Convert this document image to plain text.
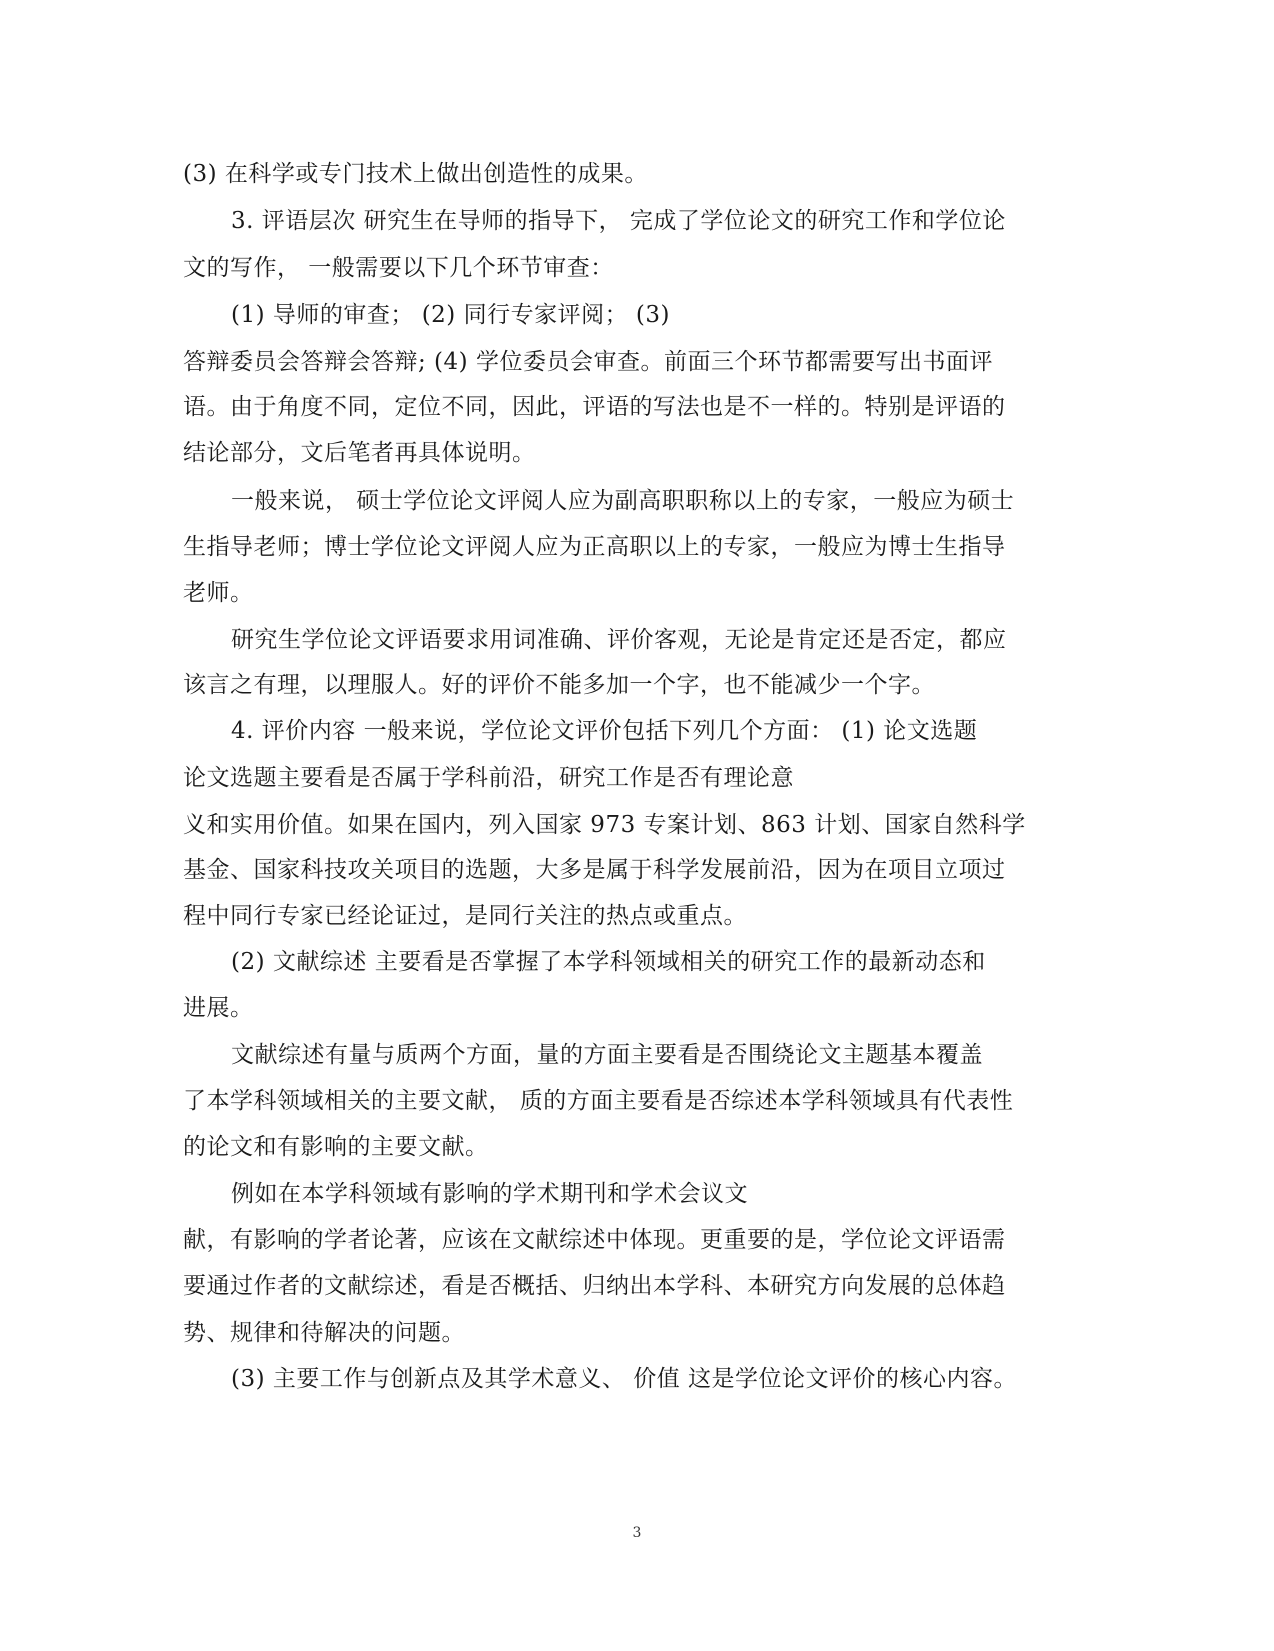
(3) 在科学或专门技术上做出创造性的成果。
3. 评语层次 研究生在导师的指导下， 完成了学位论文的研究工作和学位论
文的写作， 一般需要以下几个环节审查：
(1) 导师的审查； (2) 同行专家评阅； (3)
答辩委员会答辩会答辩; (4) 学位委员会审查。前面三个环节都需要写出书面评
语。由于角度不同，定位不同，因此，评语的写法也是不一样的。特别是评语的
结论部分，文后笔者再具体说明。
一般来说， 硕士学位论文评阅人应为副高职职称以上的专家，一般应为硕士
生指导老师；博士学位论文评阅人应为正高职以上的专家，一般应为博士生指导
老师。
研究生学位论文评语要求用词准确、评价客观，无论是肯定还是否定，都应
该言之有理，以理服人。好的评价不能多加一个字，也不能减少一个字。
4. 评价内容 一般来说，学位论文评价包括下列几个方面： (1) 论文选题
论文选题主要看是否属于学科前沿，研究工作是否有理论意
义和实用价值。如果在国内，列入国家 973 专案计划、863 计划、国家自然科学
基金、国家科技攻关项目的选题，大多是属于科学发展前沿，因为在项目立项过
程中同行专家已经论证过，是同行关注的热点或重点。
(2) 文献综述 主要看是否掌握了本学科领域相关的研究工作的最新动态和
进展。
文献综述有量与质两个方面，量的方面主要看是否围绕论文主题基本覆盖
了本学科领域相关的主要文献， 质的方面主要看是否综述本学科领域具有代表性
的论文和有影响的主要文献。
例如在本学科领域有影响的学术期刊和学术会议文
献，有影响的学者论著，应该在文献综述中体现。更重要的是，学位论文评语需
要通过作者的文献综述，看是否概括、归纳出本学科、本研究方向发展的总体趋
势、规律和待解决的问题。
(3) 主要工作与创新点及其学术意义、 价值 这是学位论文评价的核心内容。
3
